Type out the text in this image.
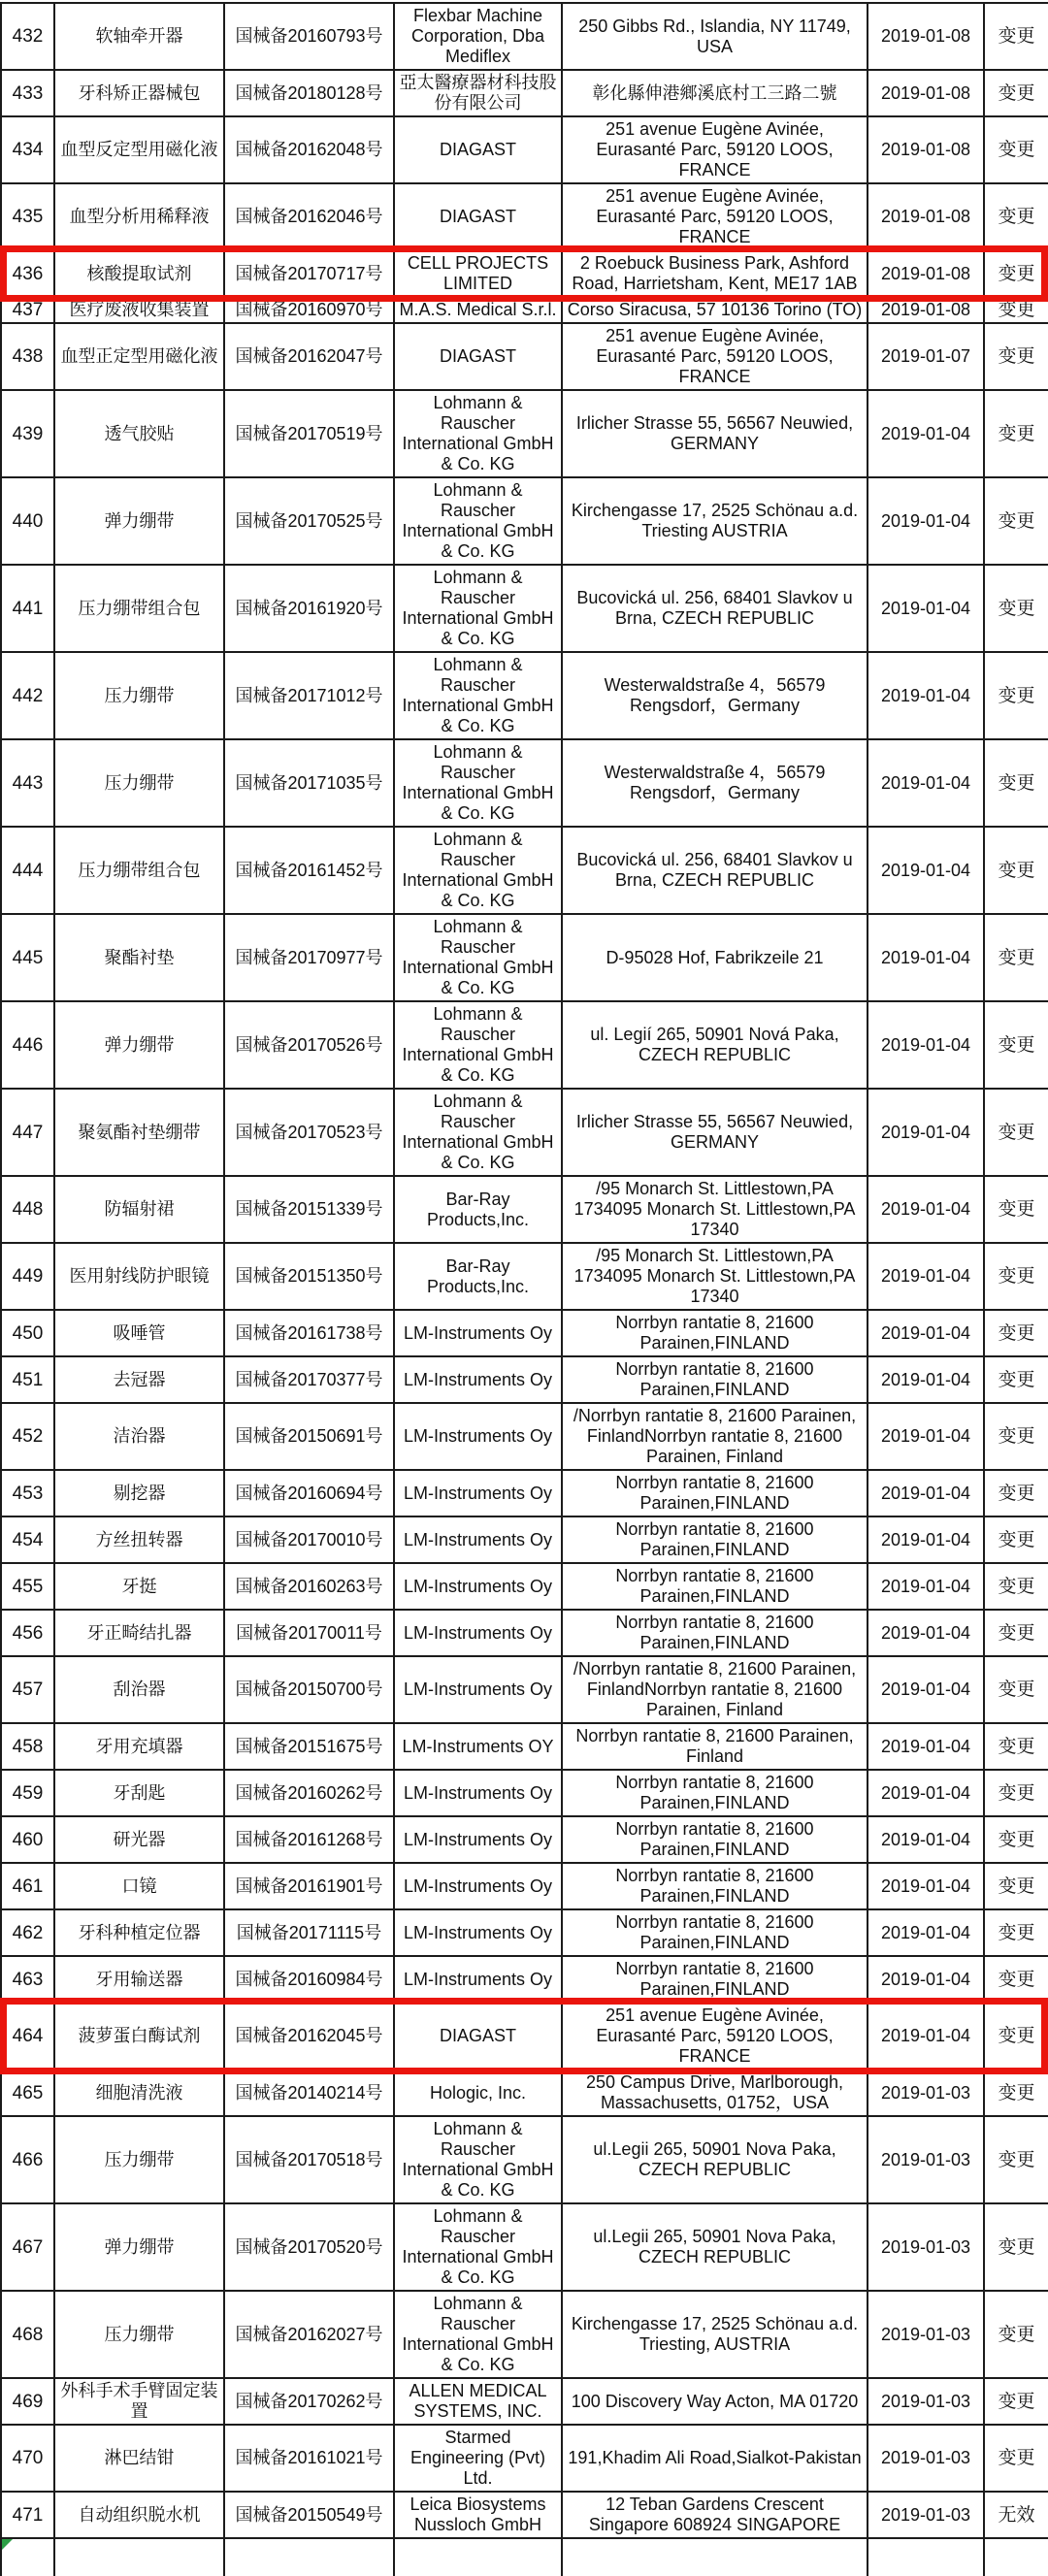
432	软轴牵开器	国械备20160793号	Flexbar Machine Corporation, Dba Mediflex	250 Gibbs Rd., Islandia, NY 11749, USA	2019-01-08	变更
433	牙科矫正器械包	国械备20180128号	亞太醫療器材科技股份有限公司	彰化縣伸港鄉溪底村工三路二號	2019-01-08	变更
434	血型反定型用磁化液	国械备20162048号	DIAGAST	251 avenue Eugène Avinée, Eurasanté Parc, 59120 LOOS, FRANCE	2019-01-08	变更
435	血型分析用稀释液	国械备20162046号	DIAGAST	251 avenue Eugène Avinée, Eurasanté Parc, 59120 LOOS, FRANCE	2019-01-08	变更
436	核酸提取试剂	国械备20170717号	CELL PROJECTS LIMITED	2 Roebuck Business Park, Ashford Road, Harrietsham, Kent, ME17 1AB	2019-01-08	变更
437	医疗废液收集装置	国械备20160970号	M.A.S. Medical S.r.l.	Corso Siracusa, 57 10136 Torino (TO)	2019-01-08	变更
438	血型正定型用磁化液	国械备20162047号	DIAGAST	251 avenue Eugène Avinée, Eurasanté Parc, 59120 LOOS, FRANCE	2019-01-07	变更
439	透气胶贴	国械备20170519号	Lohmann & Rauscher International GmbH & Co. KG	Irlicher Strasse 55, 56567 Neuwied, GERMANY	2019-01-04	变更
440	弹力绷带	国械备20170525号	Lohmann & Rauscher International GmbH & Co. KG	Kirchengasse 17, 2525 Schönau a.d. Triesting AUSTRIA	2019-01-04	变更
441	压力绷带组合包	国械备20161920号	Lohmann & Rauscher International GmbH & Co. KG	Bucovická ul. 256, 68401 Slavkov u Brna, CZECH REPUBLIC	2019-01-04	变更
442	压力绷带	国械备20171012号	Lohmann & Rauscher International GmbH & Co. KG	Westerwaldstraße 4，56579 Rengsdorf，Germany	2019-01-04	变更
443	压力绷带	国械备20171035号	Lohmann & Rauscher International GmbH & Co. KG	Westerwaldstraße 4，56579 Rengsdorf，Germany	2019-01-04	变更
444	压力绷带组合包	国械备20161452号	Lohmann & Rauscher International GmbH & Co. KG	Bucovická ul. 256, 68401 Slavkov u Brna, CZECH REPUBLIC	2019-01-04	变更
445	聚酯衬垫	国械备20170977号	Lohmann & Rauscher International GmbH & Co. KG	D-95028 Hof, Fabrikzeile 21	2019-01-04	变更
446	弹力绷带	国械备20170526号	Lohmann & Rauscher International GmbH & Co. KG	ul. Legií 265, 50901 Nová Paka, CZECH REPUBLIC	2019-01-04	变更
447	聚氨酯衬垫绷带	国械备20170523号	Lohmann & Rauscher International GmbH & Co. KG	Irlicher Strasse 55, 56567 Neuwied, GERMANY	2019-01-04	变更
448	防辐射裙	国械备20151339号	Bar-Ray Products,Inc.	/95 Monarch St. Littlestown,PA 1734095 Monarch St. Littlestown,PA 17340	2019-01-04	变更
449	医用射线防护眼镜	国械备20151350号	Bar-Ray Products,Inc.	/95 Monarch St. Littlestown,PA 1734095 Monarch St. Littlestown,PA 17340	2019-01-04	变更
450	吸唾管	国械备20161738号	LM-Instruments Oy	Norrbyn rantatie 8, 21600 Parainen,FINLAND	2019-01-04	变更
451	去冠器	国械备20170377号	LM-Instruments Oy	Norrbyn rantatie 8, 21600 Parainen,FINLAND	2019-01-04	变更
452	洁治器	国械备20150691号	LM-Instruments Oy	/Norrbyn rantatie 8, 21600 Parainen, FinlandNorrbyn rantatie 8, 21600 Parainen, Finland	2019-01-04	变更
453	剔挖器	国械备20160694号	LM-Instruments Oy	Norrbyn rantatie 8, 21600 Parainen,FINLAND	2019-01-04	变更
454	方丝扭转器	国械备20170010号	LM-Instruments Oy	Norrbyn rantatie 8, 21600 Parainen,FINLAND	2019-01-04	变更
455	牙挺	国械备20160263号	LM-Instruments Oy	Norrbyn rantatie 8, 21600 Parainen,FINLAND	2019-01-04	变更
456	牙正畸结扎器	国械备20170011号	LM-Instruments Oy	Norrbyn rantatie 8, 21600 Parainen,FINLAND	2019-01-04	变更
457	刮治器	国械备20150700号	LM-Instruments Oy	/Norrbyn rantatie 8, 21600 Parainen, FinlandNorrbyn rantatie 8, 21600 Parainen, Finland	2019-01-04	变更
458	牙用充填器	国械备20151675号	LM-Instruments OY	Norrbyn rantatie 8, 21600 Parainen, Finland	2019-01-04	变更
459	牙刮匙	国械备20160262号	LM-Instruments Oy	Norrbyn rantatie 8, 21600 Parainen,FINLAND	2019-01-04	变更
460	研光器	国械备20161268号	LM-Instruments Oy	Norrbyn rantatie 8, 21600 Parainen,FINLAND	2019-01-04	变更
461	口镜	国械备20161901号	LM-Instruments Oy	Norrbyn rantatie 8, 21600 Parainen,FINLAND	2019-01-04	变更
462	牙科种植定位器	国械备20171115号	LM-Instruments Oy	Norrbyn rantatie 8, 21600 Parainen,FINLAND	2019-01-04	变更
463	牙用输送器	国械备20160984号	LM-Instruments Oy	Norrbyn rantatie 8, 21600 Parainen,FINLAND	2019-01-04	变更
464	菠萝蛋白酶试剂	国械备20162045号	DIAGAST	251 avenue Eugène Avinée, Eurasanté Parc, 59120 LOOS, FRANCE	2019-01-04	变更
465	细胞清洗液	国械备20140214号	Hologic, Inc.	250 Campus Drive, Marlborough, Massachusetts, 01752，USA	2019-01-03	变更
466	压力绷带	国械备20170518号	Lohmann & Rauscher International GmbH & Co. KG	ul.Legii 265, 50901 Nova Paka, CZECH REPUBLIC	2019-01-03	变更
467	弹力绷带	国械备20170520号	Lohmann & Rauscher International GmbH & Co. KG	ul.Legii 265, 50901 Nova Paka, CZECH REPUBLIC	2019-01-03	变更
468	压力绷带	国械备20162027号	Lohmann & Rauscher International GmbH & Co. KG	Kirchengasse 17, 2525 Schönau a.d. Triesting, AUSTRIA	2019-01-03	变更
469	外科手术手臂固定装置	国械备20170262号	ALLEN MEDICAL SYSTEMS, INC.	100 Discovery Way Acton, MA 01720	2019-01-03	变更
470	淋巴结钳	国械备20161021号	Starmed Engineering (Pvt) Ltd.	191,Khadim Ali Road,Sialkot-Pakistan	2019-01-03	变更
471	自动组织脱水机	国械备20150549号	Leica Biosystems Nussloch GmbH	12 Teban Gardens Crescent Singapore 608924 SINGAPORE	2019-01-03	无效
